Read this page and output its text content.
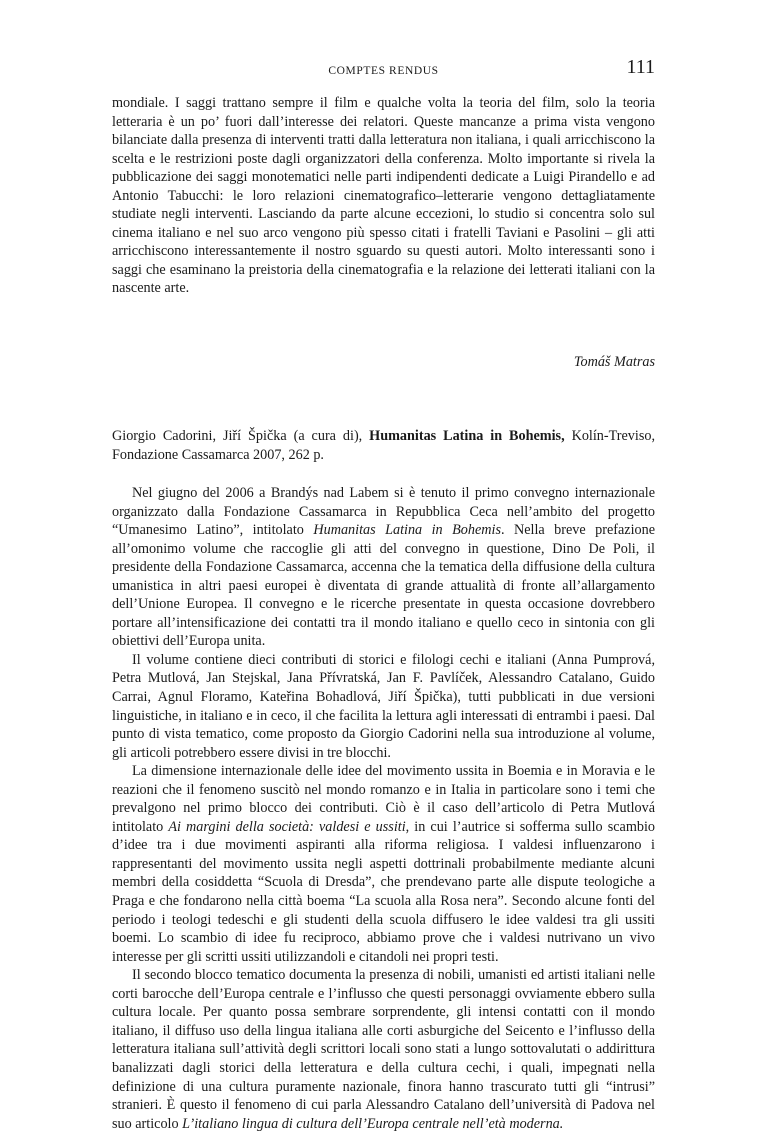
COMPTES RENDUS	111

mondiale. I saggi trattano sempre il film e qualche volta la teoria del film, solo la teoria letteraria è un po’ fuori dall’interesse dei relatori. Queste mancanze a prima vista vengono bilanciate dalla presenza di interventi tratti dalla letteratura non italiana, i quali arricchiscono la scelta e le restrizioni poste dagli organizzatori della conferenza. Molto importante si rivela la pubblicazione dei saggi monotematici nelle parti indipendenti dedicate a Luigi Pirandello e ad Antonio Tabucchi: le loro relazioni cinematografico–letterarie vengono dettagliatamente studiate negli interventi. Lasciando da parte alcune eccezioni, lo studio si concentra solo sul cinema italiano e nel suo arco vengono più spesso citati i fratelli Taviani e Pasolini – gli atti arricchiscono interessantemente il nostro sguardo su questi autori. Molto interessanti sono i saggi che esaminano la preistoria della cinematografia e la relazione dei letterati italiani con la nascente arte.

Tomáš Matras
Giorgio Cadorini, Jiří Špička (a cura di), Humanitas Latina in Bohemis, Kolín-Treviso, Fondazione Cassamarca 2007, 262 p.

Nel giugno del 2006 a Brandýs nad Labem si è tenuto il primo convegno internazionale organizzato dalla Fondazione Cassamarca in Repubblica Ceca nell’ambito del progetto “Umanesimo Latino”, intitolato Humanitas Latina in Bohemis. Nella breve prefazione all’omonimo volume che raccoglie gli atti del convegno in questione, Dino De Poli, il presidente della Fondazione Cassamarca, accenna che la tematica della diffusione della cultura umanistica in altri paesi europei è diventata di grande attualità di fronte all’allargamento dell’Unione Europea. Il convegno e le ricerche presentate in questa occasione dovrebbero portare all’intensificazione dei contatti tra il mondo italiano e quello ceco in sintonia con gli obiettivi dell’Europa unita.

Il volume contiene dieci contributi di storici e filologi cechi e italiani (Anna Pumprová, Petra Mutlová, Jan Stejskal, Jana Přívratská, Jan F. Pavlíček, Alessandro Catalano, Guido Carrai, Agnul Floramo, Kateřina Bohadlová, Jiří Špička), tutti pubblicati in due versioni linguistiche, in italiano e in ceco, il che facilita la lettura agli interessati di entrambi i paesi. Dal punto di vista tematico, come proposto da Giorgio Cadorini nella sua introduzione al volume, gli articoli potrebbero essere divisi in tre blocchi.

La dimensione internazionale delle idee del movimento ussita in Boemia e in Moravia e le reazioni che il fenomeno suscitò nel mondo romanzo e in Italia in particolare sono i temi che prevalgono nel primo blocco dei contributi. Ciò è il caso dell’articolo di Petra Mutlová intitolato Ai margini della società: valdesi e ussiti, in cui l’autrice si sofferma sullo scambio d’idee tra i due movimenti aspiranti alla riforma religiosa. I valdesi influenzarono i rappresentanti del movimento ussita negli aspetti dottrinali probabilmente mediante alcuni membri della cosiddetta “Scuola di Dresda”, che prendevano parte alle dispute teologiche a Praga e che fondarono nella città boema “La scuola alla Rosa nera”. Secondo alcune fonti del periodo i teologi tedeschi e gli studenti della scuola diffusero le idee valdesi tra gli ussiti boemi. Lo scambio di idee fu reciproco, abbiamo prove che i valdesi nutrivano un vivo interesse per gli scritti ussiti utilizzandoli e citandoli nei propri testi.

Il secondo blocco tematico documenta la presenza di nobili, umanisti ed artisti italiani nelle corti barocche dell’Europa centrale e l’influsso che questi personaggi ovviamente ebbero sulla cultura locale. Per quanto possa sembrare sorprendente, gli intensi contatti con il mondo italiano, il diffuso uso della lingua italiana alle corti asburgiche del Seicento e l’influsso della letteratura italiana sull’attività degli scrittori locali sono stati a lungo sottovalutati o addirittura banalizzati dagli storici della letteratura e della cultura cechi, i quali, impegnati nella definizione di una cultura puramente nazionale, finora hanno trascurato tutti gli “intrusi” stranieri. È questo il fenomeno di cui parla Alessandro Catalano dell’università di Padova nel suo articolo L’italiano lingua di cultura dell’Europa centrale nell’età moderna.
